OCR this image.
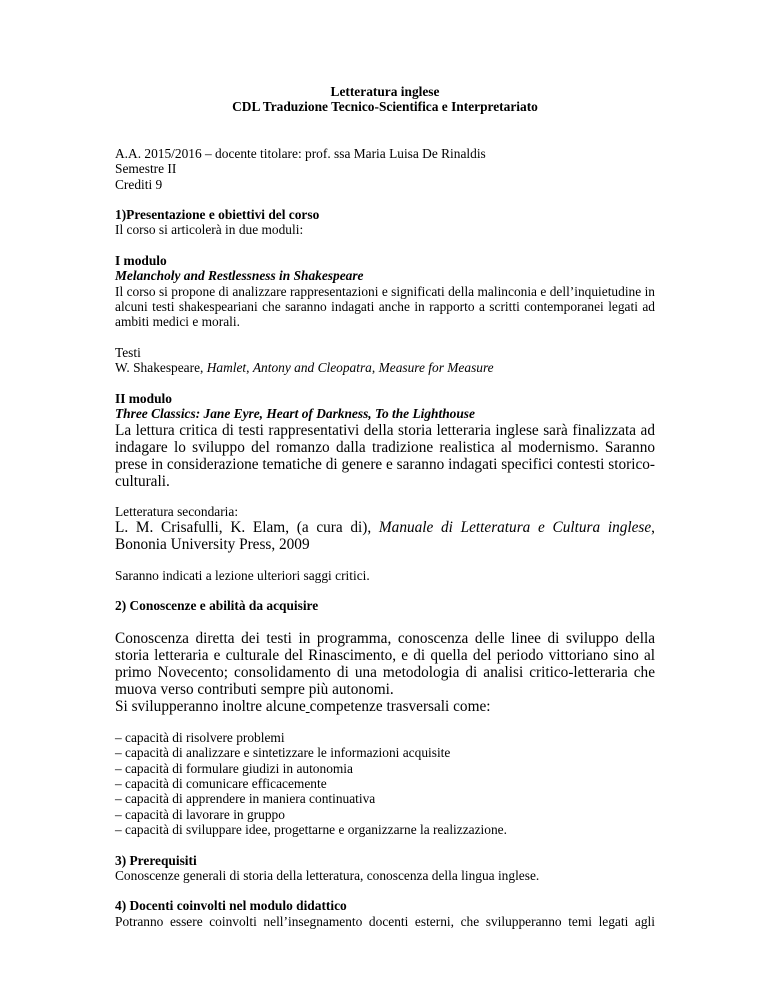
Letteratura inglese

CDL Traduzione Tecnico-Scientifica e Interpretariato

A.A. 2015/2016 – docente titolare: prof. ssa Maria Luisa De Rinaldis

Semestre II

Crediti 9

1)Presentazione e obiettivi del corso

Il corso si articolerà in due moduli:

I modulo

Melancholy and Restlessness in Shakespeare

Il corso si propone di analizzare rappresentazioni e significati della malinconia e dell’inquietudine in alcuni testi shakespeariani che saranno indagati anche in rapporto a scritti contemporanei legati ad ambiti medici e morali.

Testi

W. Shakespeare, Hamlet, Antony and Cleopatra, Measure for Measure

II modulo

Three Classics: Jane Eyre, Heart of Darkness, To the Lighthouse

La lettura critica di testi rappresentativi della storia letteraria inglese sarà finalizzata ad indagare lo sviluppo del romanzo dalla tradizione realistica al modernismo. Saranno prese in considerazione tematiche di genere e saranno indagati specifici contesti storico-culturali.

Letteratura secondaria:

L. M. Crisafulli, K. Elam, (a cura di), Manuale di Letteratura e Cultura inglese, Bononia University Press, 2009

Saranno indicati a lezione ulteriori saggi critici.

2) Conoscenze e abilità da acquisire

Conoscenza diretta dei testi in programma, conoscenza delle linee di sviluppo della storia letteraria e culturale del Rinascimento, e di quella del periodo vittoriano sino al primo Novecento; consolidamento di una metodologia di analisi critico-letteraria che muova verso contributi sempre più autonomi.

Si svilupperanno inoltre alcune competenze trasversali come:

– capacità di risolvere problemi
– capacità di analizzare e sintetizzare le informazioni acquisite
– capacità di formulare giudizi in autonomia
– capacità di comunicare efficacemente
– capacità di apprendere in maniera continuativa
– capacità di lavorare in gruppo
– capacità di sviluppare idee, progettarne e organizzarne la realizzazione.

3) Prerequisiti

Conoscenze generali di storia della letteratura, conoscenza della lingua inglese.

4) Docenti coinvolti nel modulo didattico

Potranno essere coinvolti nell’insegnamento docenti esterni, che svilupperanno temi legati agli
